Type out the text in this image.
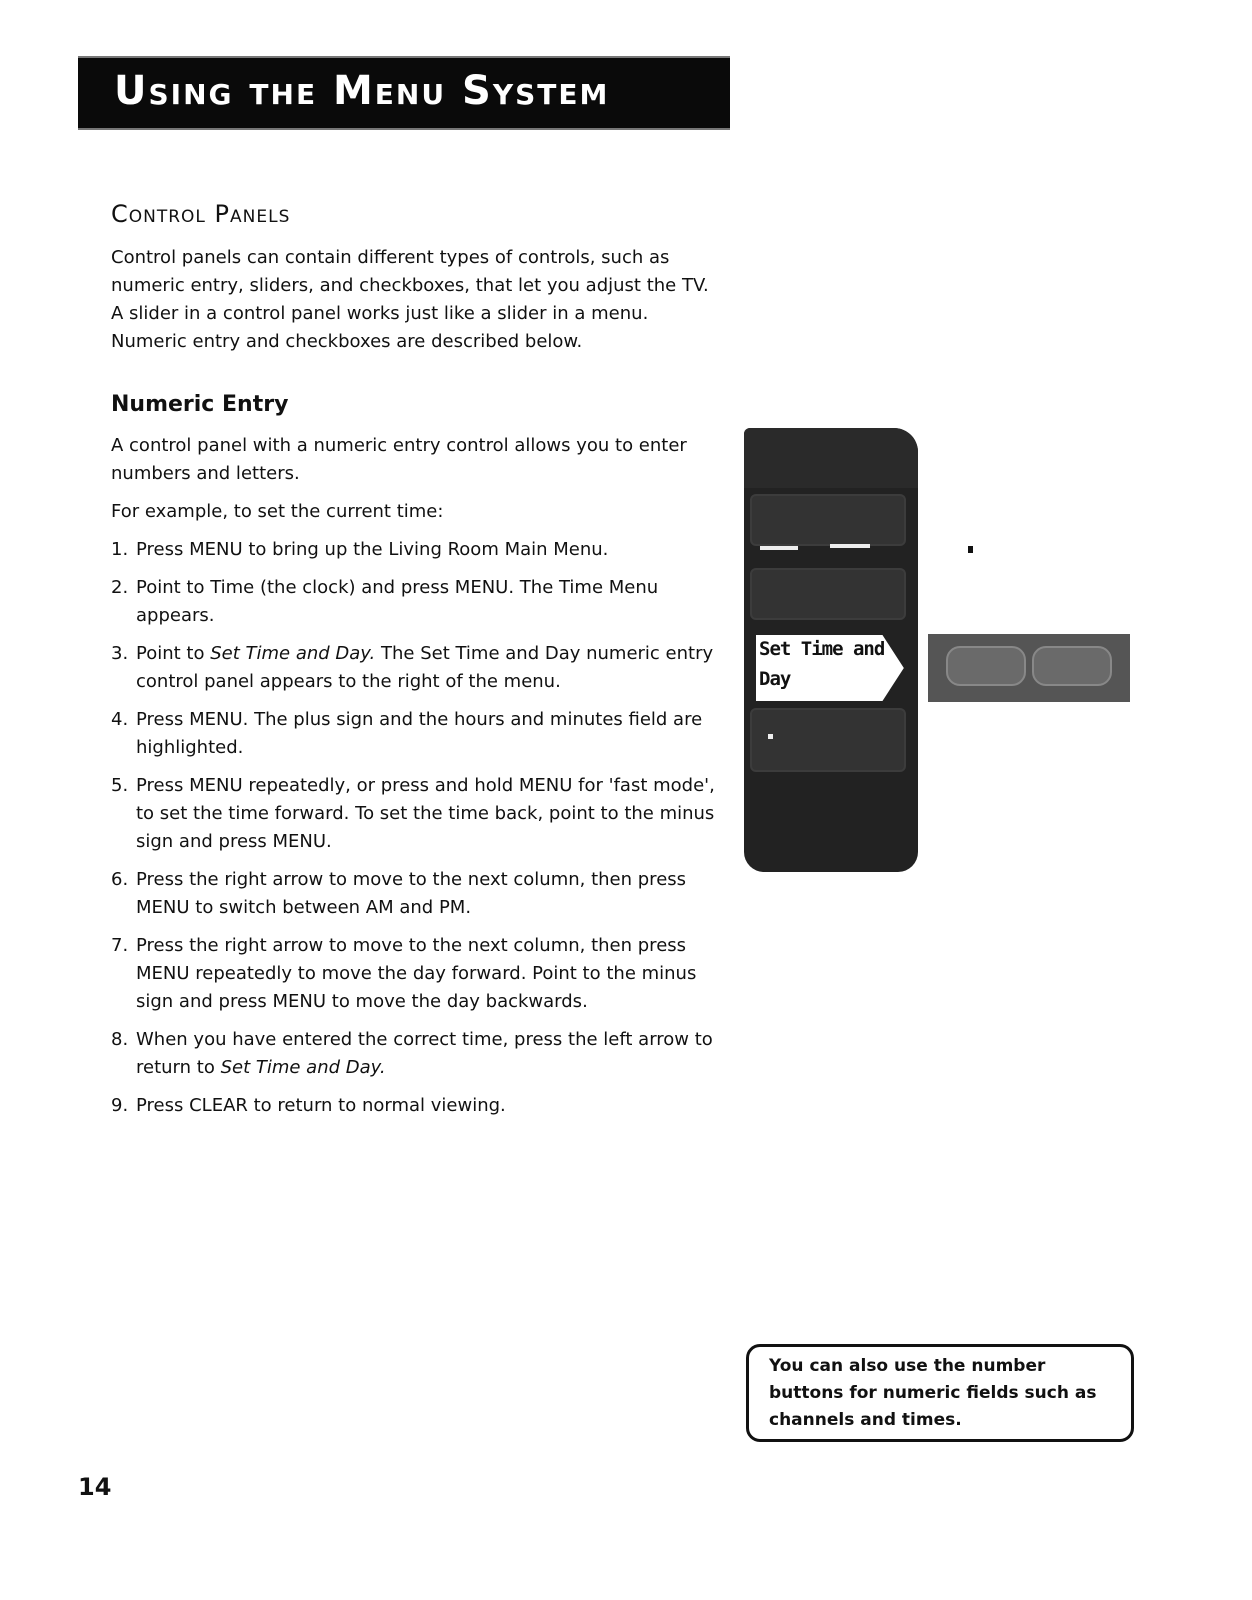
Using the Menu System
Control Panels
Control panels can contain different types of controls, such as numeric entry, sliders, and checkboxes, that let you adjust the TV. A slider in a control panel works just like a slider in a menu. Numeric entry and checkboxes are described below.
Numeric Entry
A control panel with a numeric entry control allows you to enter numbers and letters.
For example, to set the current time:
1. Press MENU to bring up the Living Room Main Menu.
2. Point to Time (the clock) and press MENU. The Time Menu appears.
3. Point to Set Time and Day. The Set Time and Day numeric entry control panel appears to the right of the menu.
4. Press MENU. The plus sign and the hours and minutes field are highlighted.
5. Press MENU repeatedly, or press and hold MENU for 'fast mode', to set the time forward. To set the time back, point to the minus sign and press MENU.
6. Press the right arrow to move to the next column, then press MENU to switch between AM and PM.
7. Press the right arrow to move to the next column, then press MENU repeatedly to move the day forward. Point to the minus sign and press MENU to move the day backwards.
8. When you have entered the correct time, press the left arrow to return to Set Time and Day.
9. Press CLEAR to return to normal viewing.
Set Time and
Day
You can also use the number buttons for numeric fields such as channels and times.
14
